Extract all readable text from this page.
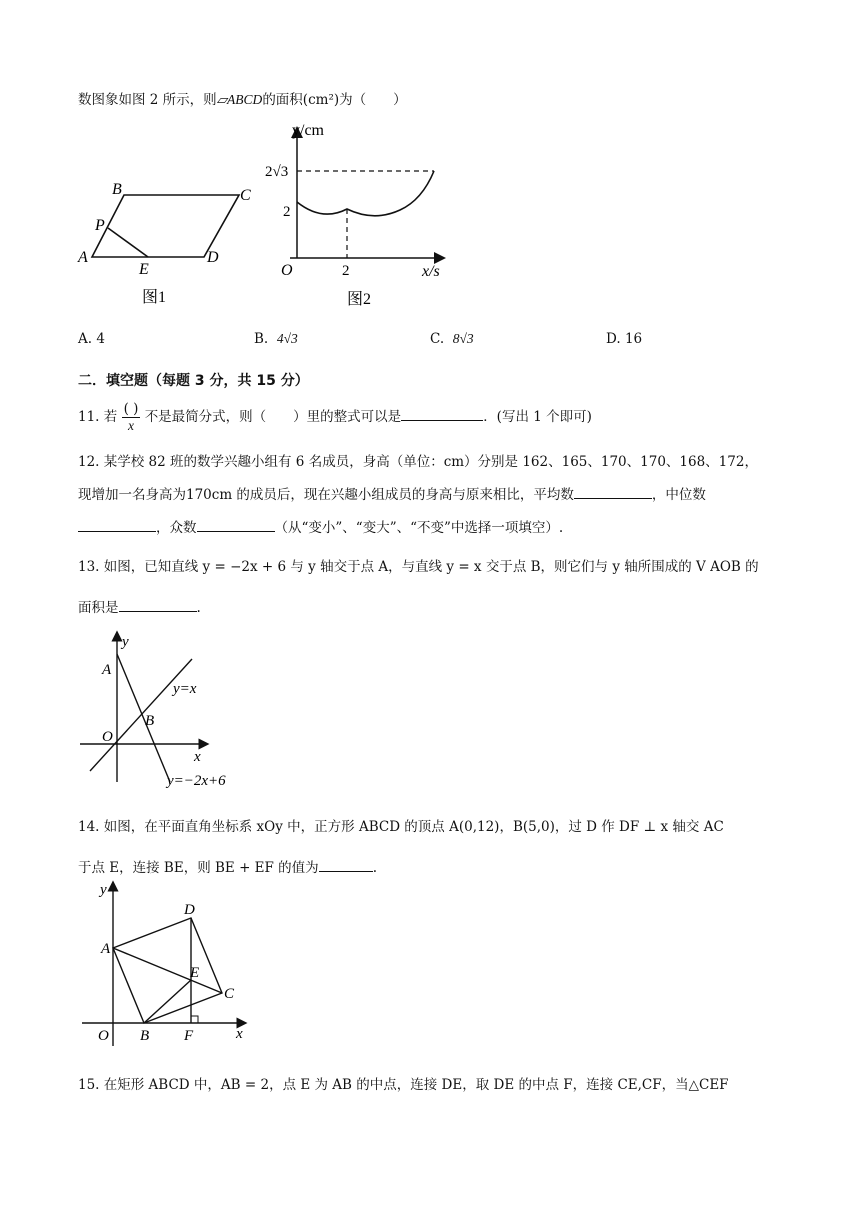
数图象如图 2 所示，则▱ABCD的面积(cm²)为（　　）
A
B	C
D
P
E
图1
y/cm
x/s
O
2√3
2
2
图2
A. 4	B. 4√3	C. 8√3	D. 16
二．填空题（每题 3 分，共 15 分）
11. 若 $\frac{( )}{x}$ 不是最简分式，则（　　）里的整式可以是	．(写出 1 个即可)
12. 某学校 82 班的数学兴趣小组有 6 名成员，身高（单位：cm）分别是 162、165、170、170、168、172，
现增加一名身高为170cm 的成员后，现在兴趣小组成员的身高与原来相比，平均数	，中位数
，众数	（从“变小”、“变大”、“不变”中选择一项填空）.
13. 如图，已知直线 y = −2x + 6 与 y 轴交于点 A，与直线 y = x 交于点 B，则它们与 y 轴所围成的 V AOB 的
面积是	.
y
A
y=x
B
O
x
y=−2x+6
14. 如图，在平面直角坐标系 xOy 中，正方形 ABCD 的顶点 A(0,12)，B(5,0)，过 D 作 DF ⊥ x 轴交 AC
于点 E，连接 BE，则 BE + EF 的值为	.
y
D
A
E
C
O B F	x
15. 在矩形 ABCD 中，AB = 2，点 E 为 AB 的中点，连接 DE，取 DE 的中点 F，连接 CE,CF，当△CEF
